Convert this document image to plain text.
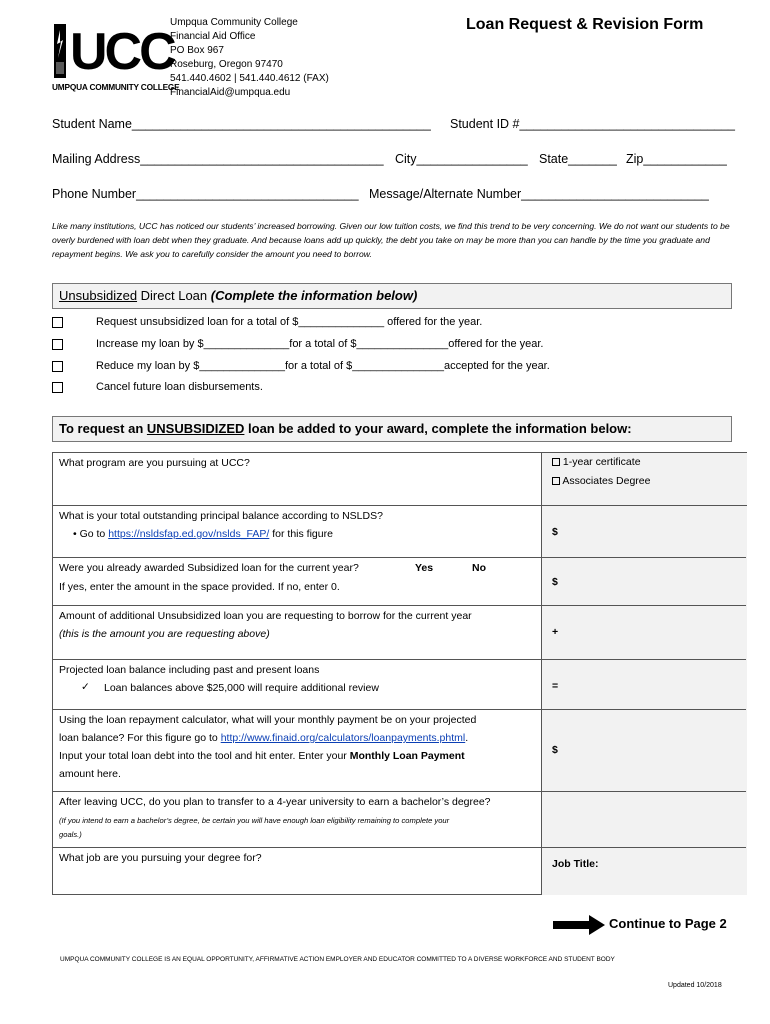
UCC
UMPQUA COMMUNITY COLLEGE
Umpqua Community College
Financial Aid Office
PO Box 967
Roseburg, Oregon 97470
541.440.4602 | 541.440.4612 (FAX)
FinancialAid@umpqua.edu
Loan Request & Revision Form
Student Name___________________________________________ Student ID #_______________________________
Mailing Address___________________________________ City________________ State_______ Zip____________
Phone Number________________________________ Message/Alternate Number___________________________
Like many institutions, UCC has noticed our students’ increased borrowing. Given our low tuition costs, we find this trend to be very concerning. We do not want our students to be overly burdened with loan debt when they graduate. And because loans add up quickly, the debt you take on may be more than you can handle by the time you graduate and repayment begins. We ask you to carefully consider the amount you need to borrow.
Unsubsidized Direct Loan (Complete the information below)
Request unsubsidized loan for a total of $______________ offered for the year.
Increase my loan by $______________for a total of $_______________offered for the year.
Reduce my loan by $______________for a total of $_______________accepted for the year.
Cancel future loan disbursements.
To request an UNSUBSIDIZED loan be added to your award, complete the information below:
What program are you pursuing at UCC?	1-year certificate
Associates Degree
What is your total outstanding principal balance according to NSLDS?
• Go to https://nsldsfap.ed.gov/nslds_FAP/ for this figure	$
Were you already awarded Subsidized loan for the current year?	Yes	No
If yes, enter the amount in the space provided. If no, enter 0.	$
Amount of additional Unsubsidized loan you are requesting to borrow for the current year
(this is the amount you are requesting above)	+
Projected loan balance including past and present loans
✓ Loan balances above $25,000 will require additional review	=
Using the loan repayment calculator, what will your monthly payment be on your projected
loan balance? For this figure go to http://www.finaid.org/calculators/loanpayments.phtml.
Input your total loan debt into the tool and hit enter. Enter your Monthly Loan Payment
amount here.
$
After leaving UCC, do you plan to transfer to a 4-year university to earn a bachelor’s degree?
(If you intend to earn a bachelor’s degree, be certain you will have enough loan eligibility remaining to complete your
goals.)
What job are you pursuing your degree for?	Job Title:
Continue to Page 2
UMPQUA COMMUNITY COLLEGE IS AN EQUAL OPPORTUNITY, AFFIRMATIVE ACTION EMPLOYER AND EDUCATOR COMMITTED TO A DIVERSE WORKFORCE AND STUDENT BODY
Updated 10/2018
